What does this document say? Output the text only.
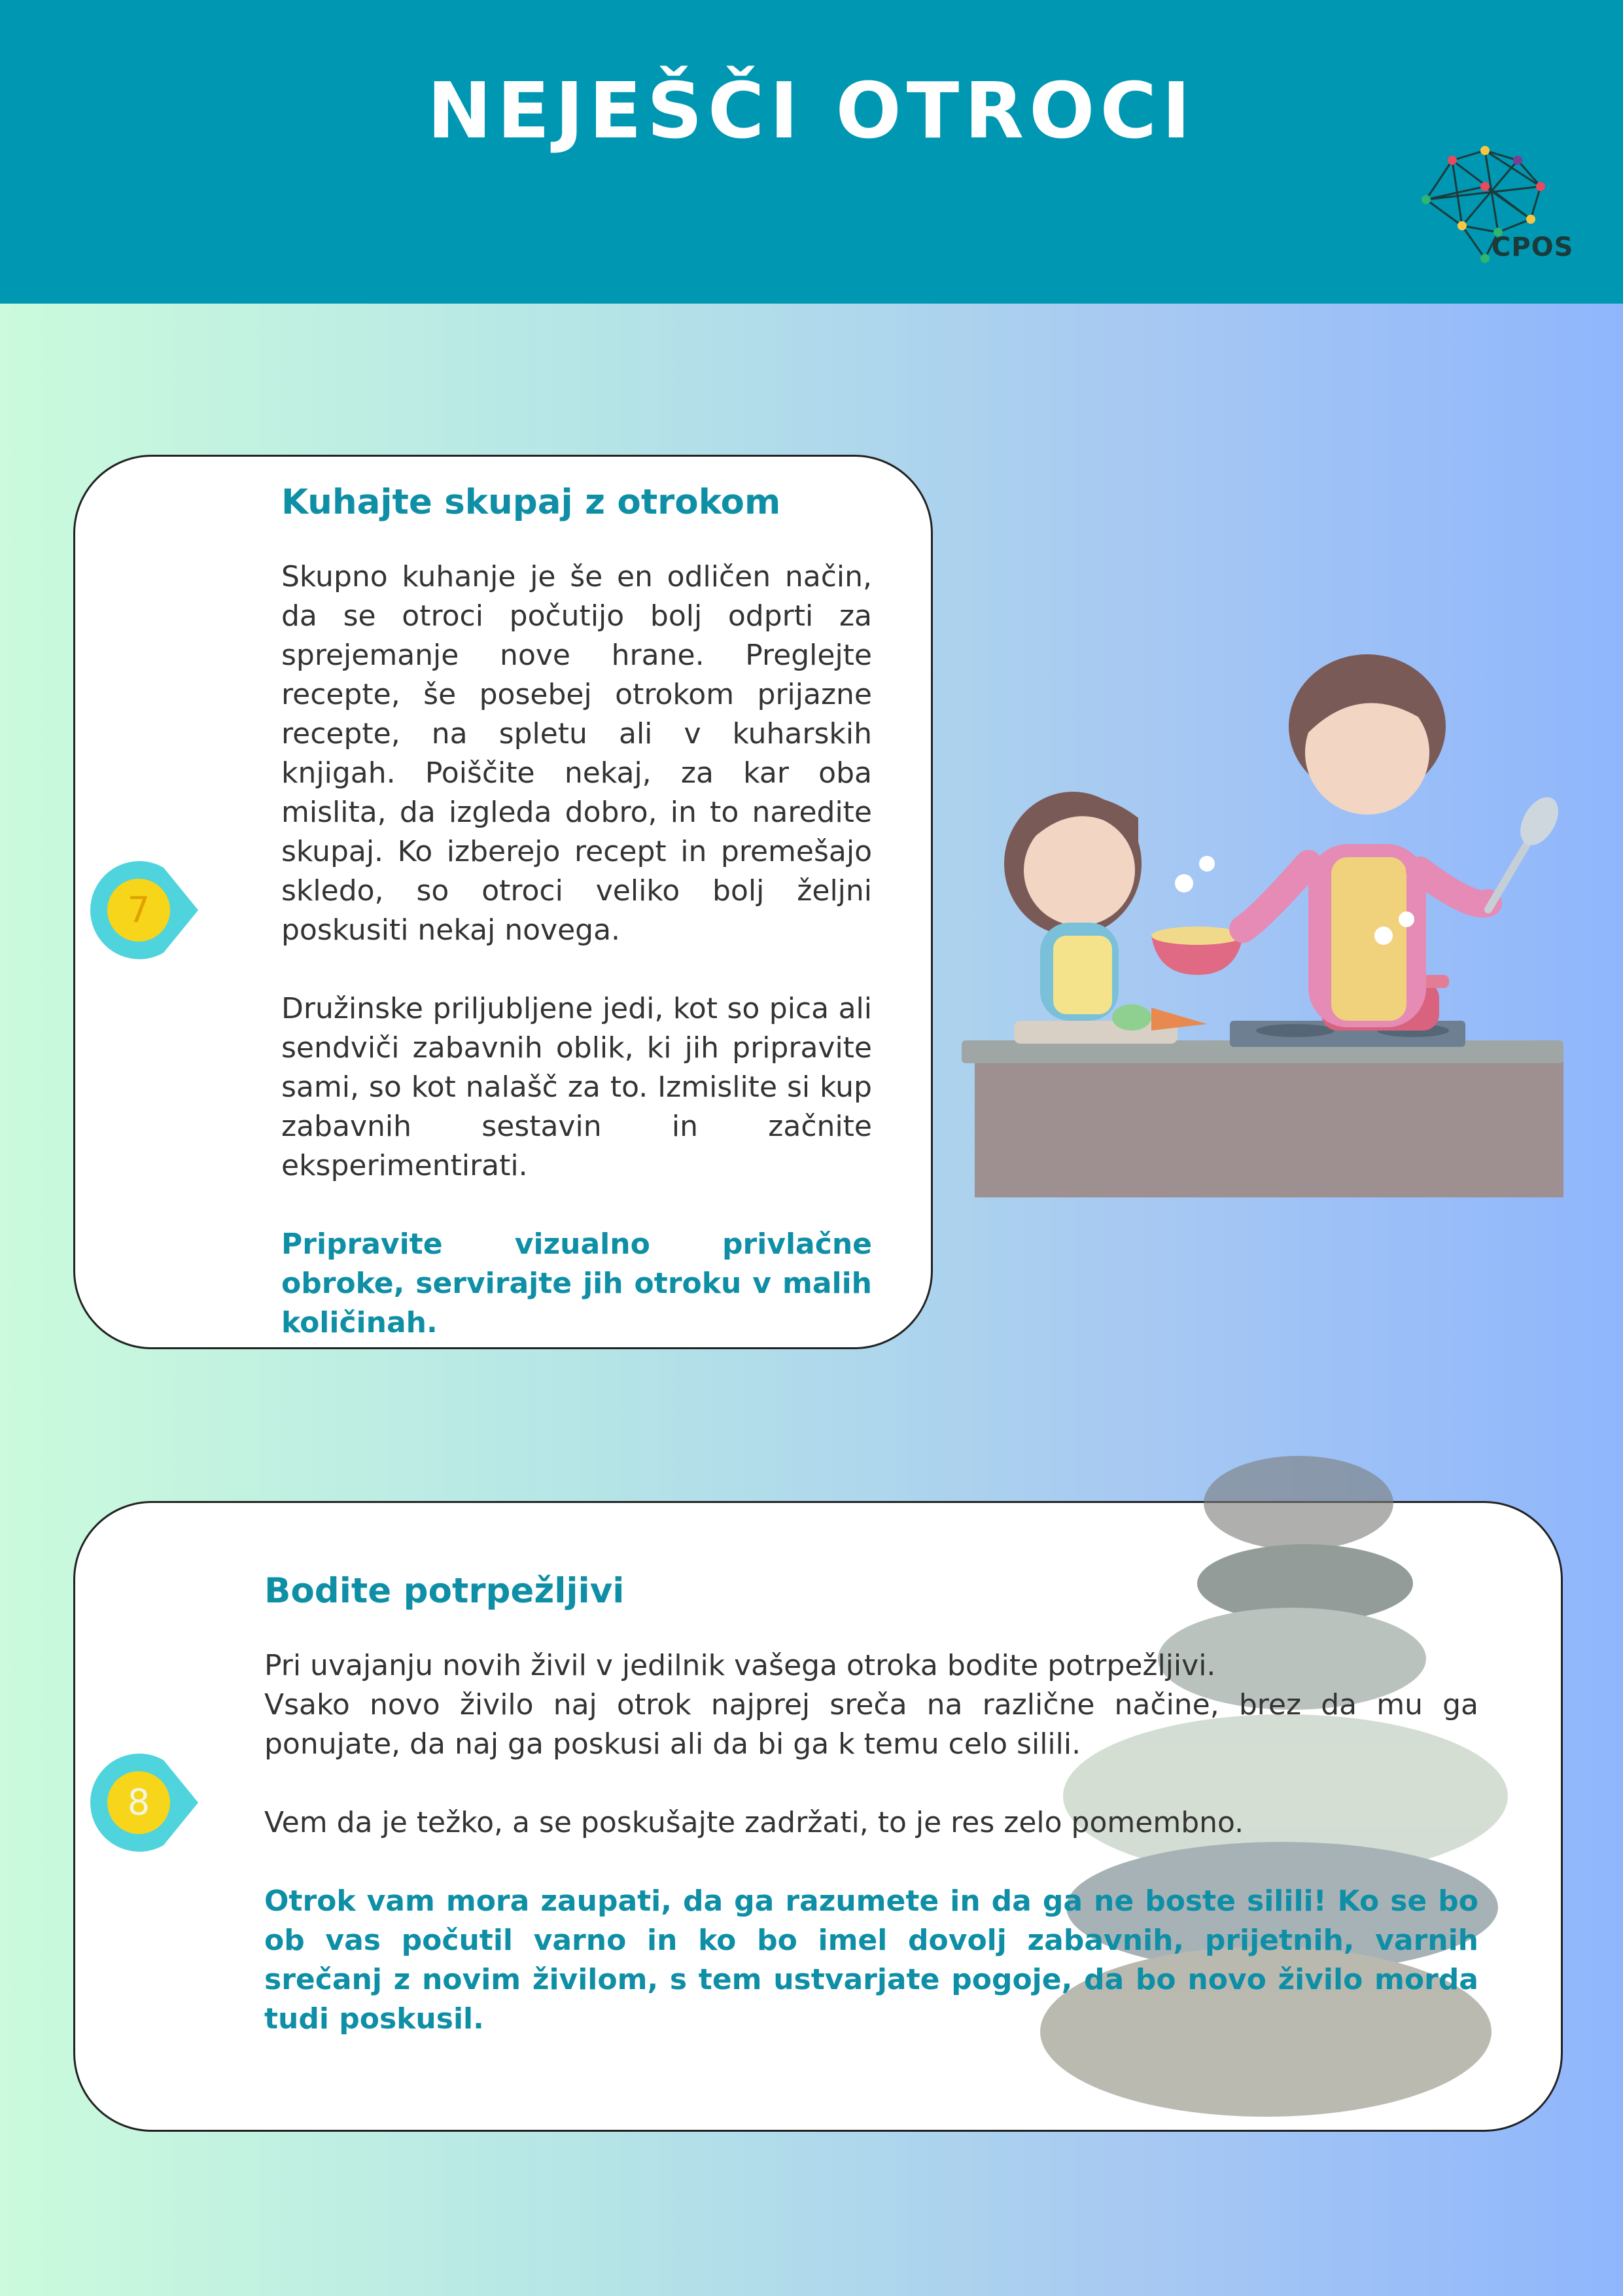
NEJEŠČI OTROCI
CPOS
7

Kuhajte skupaj z otrokom

Skupno kuhanje je še en odličen način, da se otroci počutijo bolj odprti za sprejemanje nove hrane. Preglejte recepte, še posebej otrokom prijazne recepte, na spletu ali v kuharskih knjigah. Poiščite nekaj, za kar oba mislita, da izgleda dobro, in to naredite skupaj. Ko izberejo recept in premešajo skledo, so otroci veliko bolj željni poskusiti nekaj novega.

Družinske priljubljene jedi, kot so pica ali sendviči zabavnih oblik, ki jih pripravite sami, so kot nalašč za to. Izmislite si kup zabavnih sestavin in začnite eksperimentirati.

Pripravite vizualno privlačne obroke, servirajte jih otroku v malih količinah.

8

Bodite potrpežljivi

Pri uvajanju novih živil v jedilnik vašega otroka bodite potrpežljivi.

Vsako novo živilo naj otrok najprej sreča na različne načine, brez da mu ga ponujate, da naj ga poskusi ali da bi ga k temu celo silili.

Vem da je težko, a se poskušajte zadržati, to je res zelo pomembno.

Otrok vam mora zaupati, da ga razumete in da ga ne boste silili! Ko se bo ob vas počutil varno in ko bo imel dovolj zabavnih, prijetnih, varnih srečanj z novim živilom, s tem ustvarjate pogoje, da bo novo živilo morda tudi poskusil.
